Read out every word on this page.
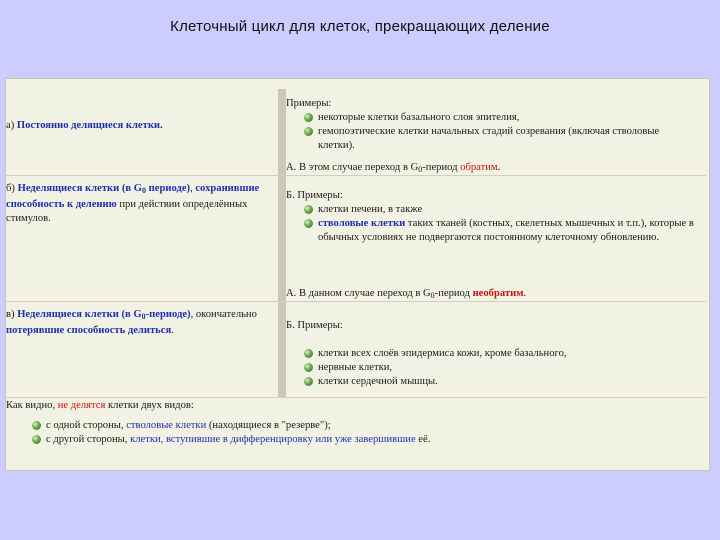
Клеточный цикл для клеток, прекращающих деление
а) Постоянно делящиеся клетки.
б) Неделящиеся клетки (в $G_0$ периоде), сохранившие способность к делению при действии определённых стимулов.
в) Неделящиеся клетки (в $G_0-периоде$), окончательно потерявшие способность делиться.
Примеры:
некоторые клетки базального слоя эпителия,
гемопоэтические клетки начальных стадий созревания (включая стволовые клетки).
А. В этом случае переход в $G_0$-период обратим.
Б. Примеры:
клетки печени, в также
стволовые клетки таких тканей (костных, скелетных мышечных и т.п.), которые в обычных условиях не подвергаются постоянному клеточному обновлению.
А. В данном случае переход в $G_0$-период необратим.
Б. Примеры:
клетки всех слоёв эпидермиса кожи, кроме базального,
нервные клетки,
клетки сердечной мышцы.
Как видно, не делятся клетки двух видов:
с одной стороны, стволовые клетки (находящиеся в "резерве");
с другой стороны, клетки, вступившие в дифференцировку или уже завершившие её.
